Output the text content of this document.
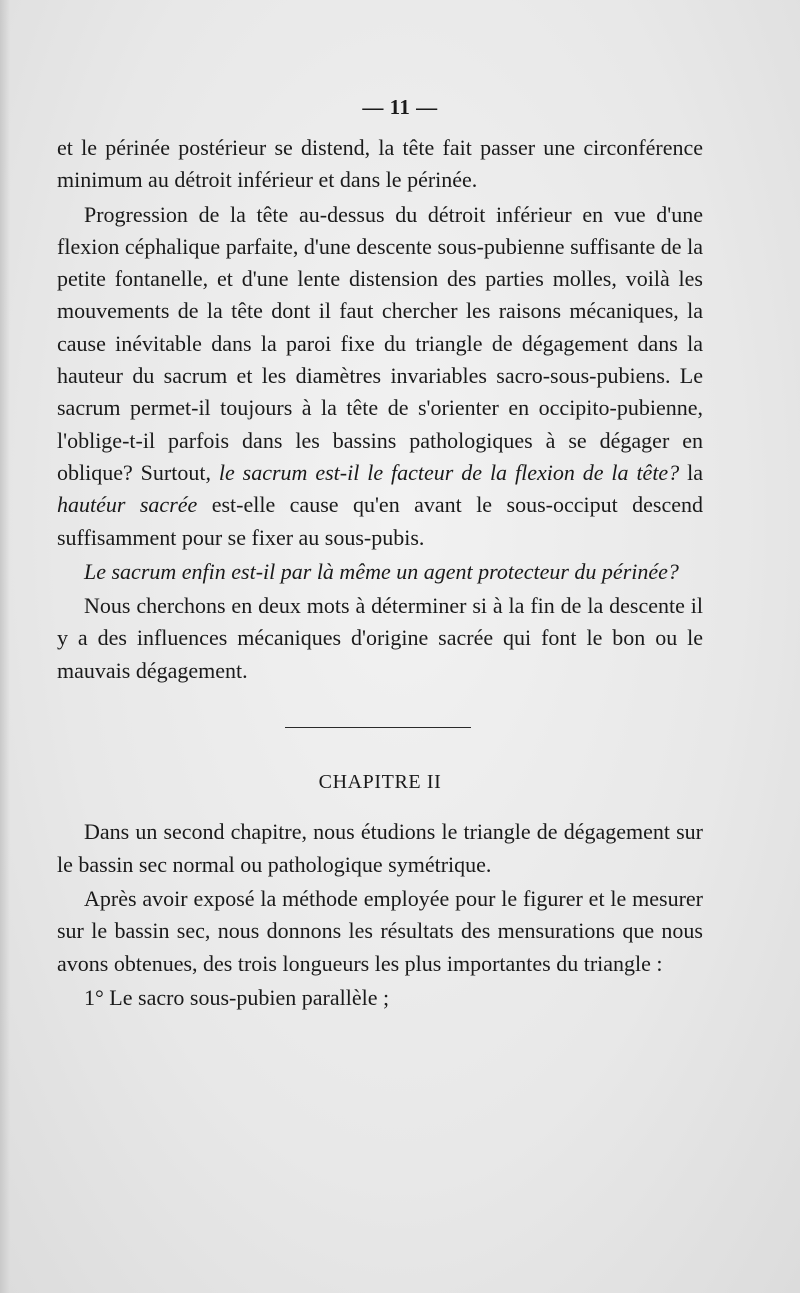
— 11 —

et le périnée postérieur se distend, la tête fait passer une circonférence minimum au détroit inférieur et dans le périnée.

Progression de la tête au-dessus du détroit inférieur en vue d'une flexion céphalique parfaite, d'une descente sous-pubienne suffisante de la petite fontanelle, et d'une lente distension des parties molles, voilà les mouvements de la tête dont il faut chercher les raisons mécaniques, la cause inévitable dans la paroi fixe du triangle de dégagement dans la hauteur du sacrum et les diamètres invariables sacro-sous-pubiens. Le sacrum permet-il toujours à la tête de s'orienter en occipito-pubienne, l'oblige-t-il parfois dans les bassins pathologiques à se dégager en oblique? Surtout, le sacrum est-il le facteur de la flexion de la tête? la hautéur sacrée est-elle cause qu'en avant le sous-occiput descend suffisamment pour se fixer au sous-pubis.

Le sacrum enfin est-il par là même un agent protecteur du périnée?

Nous cherchons en deux mots à déterminer si à la fin de la descente il y a des influences mécaniques d'origine sacrée qui font le bon ou le mauvais dégagement.

CHAPITRE II

Dans un second chapitre, nous étudions le triangle de dégagement sur le bassin sec normal ou pathologique symétrique.

Après avoir exposé la méthode employée pour le figurer et le mesurer sur le bassin sec, nous donnons les résultats des mensurations que nous avons obtenues, des trois longueurs les plus importantes du triangle :

1° Le sacro sous-pubien parallèle ;
